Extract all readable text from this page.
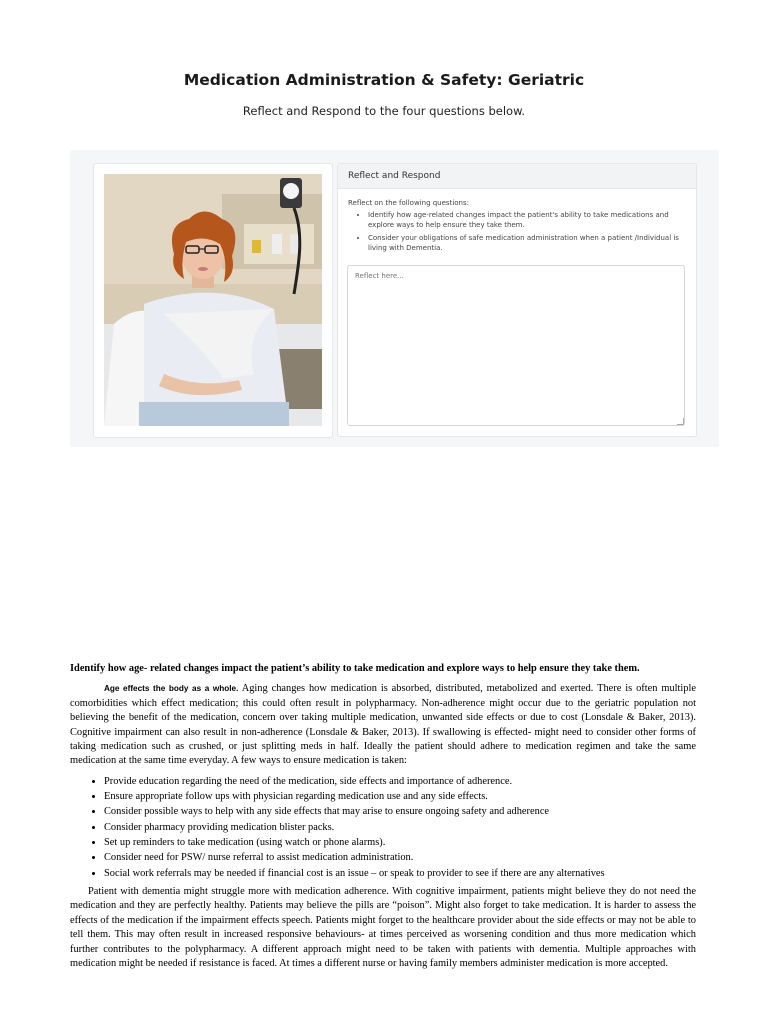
Medication Administration & Safety: Geriatric
Reflect and Respond to the four questions below.
Reflect and Respond
Reflect on the following questions:
• Identify how age-related changes impact the patient's ability to take medications and explore ways to help ensure they take them.
• Consider your obligations of safe medication administration when a patient /Individual is living with Dementia.
Reflect here...

Identify how age- related changes impact the patient’s ability to take medication and explore ways to help ensure they take them.

Age effects the body as a whole. Aging changes how medication is absorbed, distributed, metabolized and exerted. There is often multiple comorbidities which effect medication; this could often result in polypharmacy. Non-adherence might occur due to the geriatric population not believing the benefit of the medication, concern over taking multiple medication, unwanted side effects or due to cost (Lonsdale & Baker, 2013). Cognitive impairment can also result in non-adherence (Lonsdale & Baker, 2013). If swallowing is effected- might need to consider other forms of taking medication such as crushed, or just splitting meds in half. Ideally the patient should adhere to medication regimen and take the same medication at the same time everyday. A few ways to ensure medication is taken:

• Provide education regarding the need of the medication, side effects and importance of adherence.
• Ensure appropriate follow ups with physician regarding medication use and any side effects.
• Consider possible ways to help with any side effects that may arise to ensure ongoing safety and adherence
• Consider pharmacy providing medication blister packs.
• Set up reminders to take medication (using watch or phone alarms).
• Consider need for PSW/ nurse referral to assist medication administration.
• Social work referrals may be needed if financial cost is an issue – or speak to provider to see if there are any alternatives

Patient with dementia might struggle more with medication adherence. With cognitive impairment, patients might believe they do not need the medication and they are perfectly healthy. Patients may believe the pills are “poison”. Might also forget to take medication. It is harder to assess the effects of the medication if the impairment effects speech. Patients might forget to the healthcare provider about the side effects or may not be able to tell them. This may often result in increased responsive behaviours- at times perceived as worsening condition and thus more medication which further contributes to the polypharmacy. A different approach might need to be taken with patients with dementia. Multiple approaches with medication might be needed if resistance is faced. At times a different nurse or having family members administer medication is more accepted.
